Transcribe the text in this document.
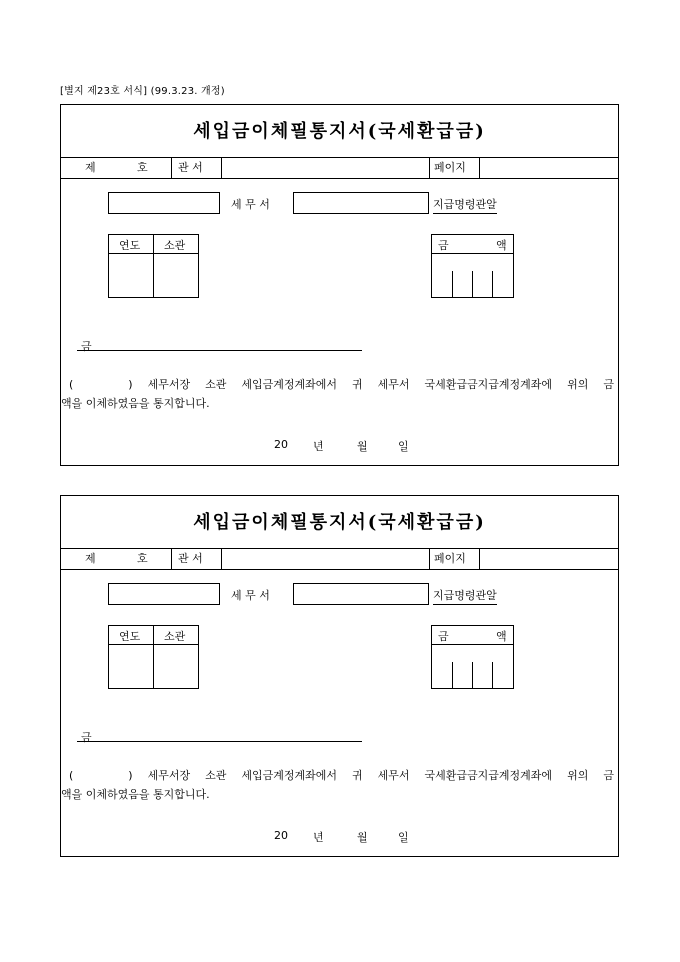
[별지 제23호 서식] (99.3.23. 개정)
세입금이체필통지서(국세환급금)
제	호	관 서	페이지
세 무 서	지급명령관알
연도 소관	금	액
금
(	) 세무서장 소관 세입금계정계좌에서 귀 세무서 국세환급금지급계정계좌에 위의 금
액을 이체하였음을 통지합니다.
20 년	월	일
세입금이체필통지서(국세환급금)
제	호	관 서	페이지
세 무 서	지급명령관알
연도 소관	금	액
금
(	) 세무서장 소관 세입금계정계좌에서 귀 세무서 국세환급금지급계정계좌에 위의 금
액을 이체하였음을 통지합니다.
20 년	월	일
